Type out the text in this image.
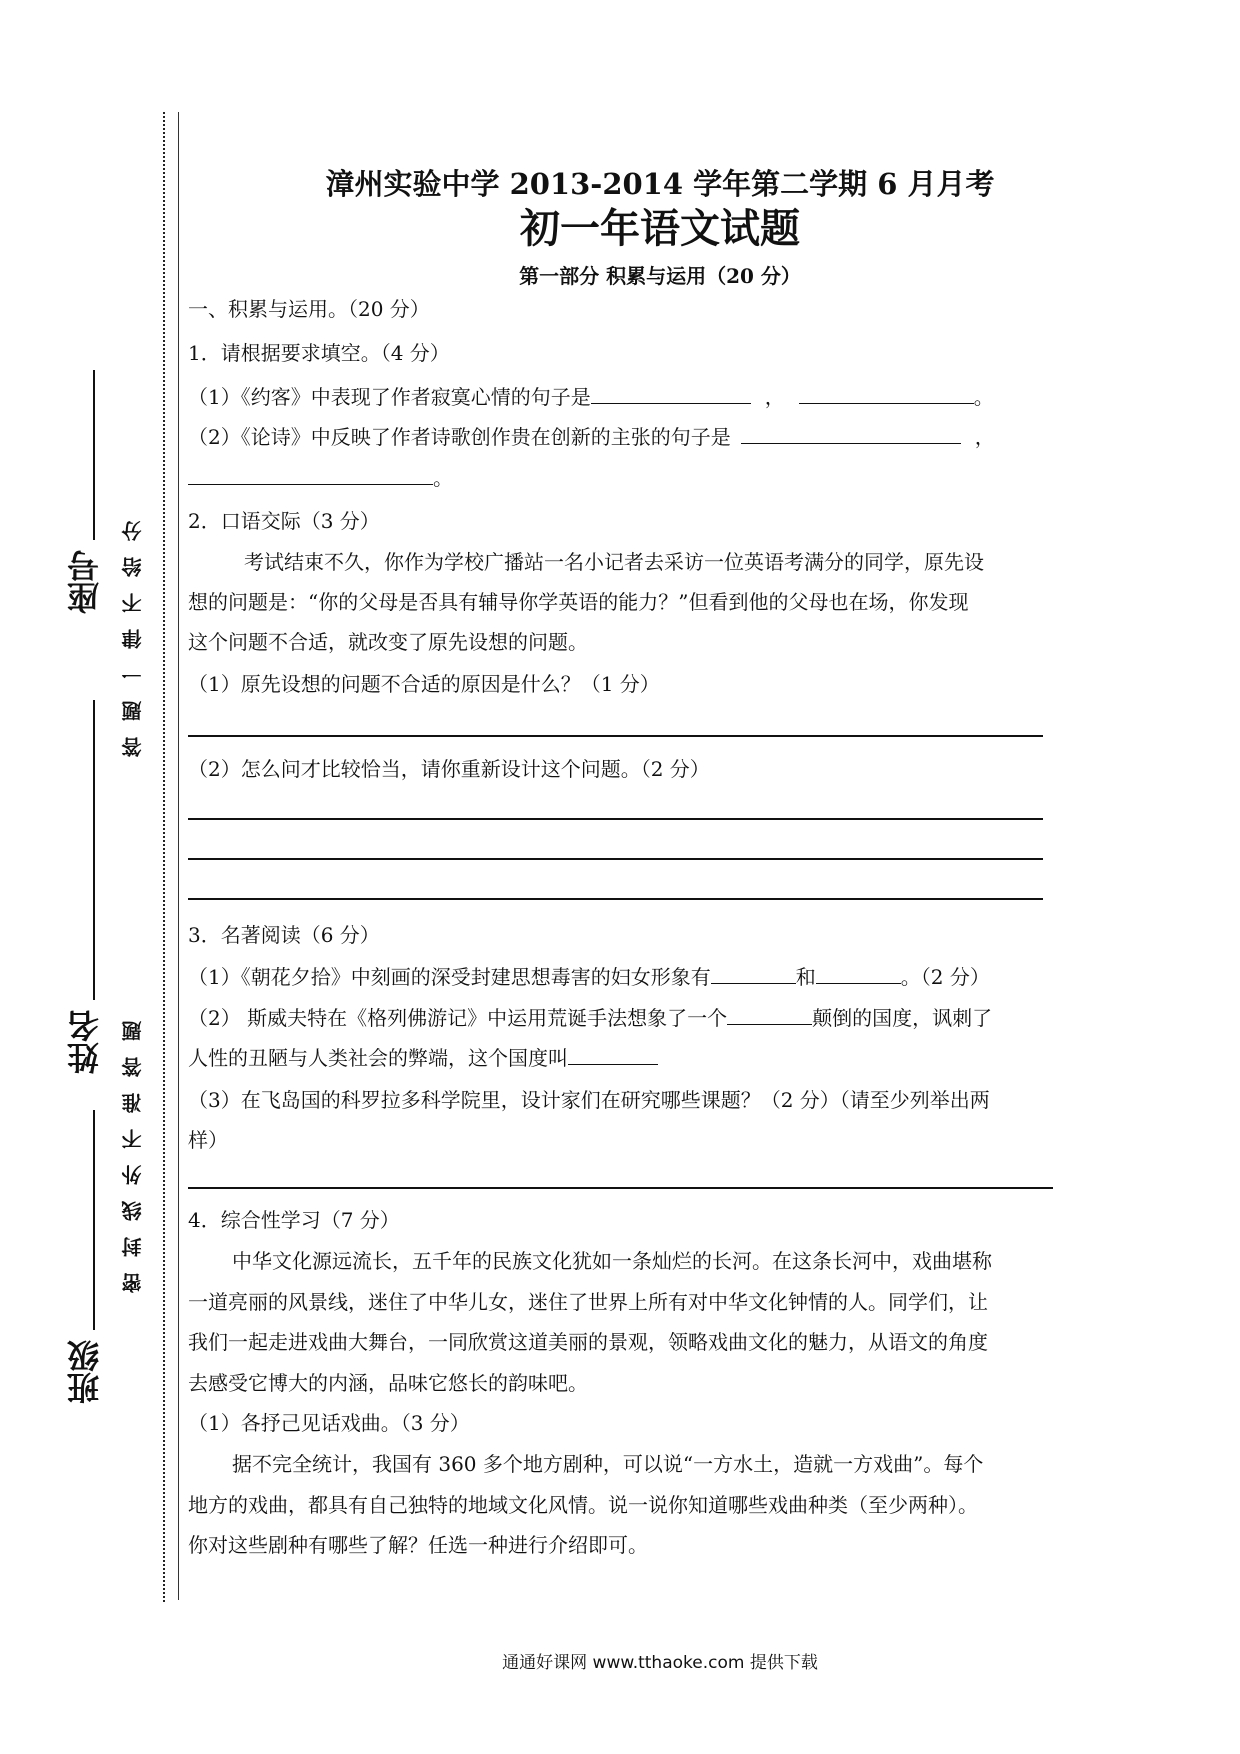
座号
姓名
班级
答题一律不给分
密封线外不准答题
漳州实验中学 2013-2014 学年第二学期 6 月月考
初一年语文试题
第一部分 积累与运用（20 分）
一、积累与运用。（20 分）
1．请根据要求填空。（4 分）
（1）《约客》中表现了作者寂寞心情的句子是	，	。
（2）《论诗》中反映了作者诗歌创作贵在创新的主张的句子是	，
。
2．口语交际（3 分）
考试结束不久，你作为学校广播站一名小记者去采访一位英语考满分的同学，原先设
想的问题是：“你的父母是否具有辅导你学英语的能力？”但看到他的父母也在场，你发现
这个问题不合适，就改变了原先设想的问题。
（1）原先设想的问题不合适的原因是什么？（1 分）
（2）怎么问才比较恰当，请你重新设计这个问题。（2 分）
3．名著阅读（6 分）
（1）《朝花夕拾》中刻画的深受封建思想毒害的妇女形象有	和	。（2 分）
（2） 斯威夫特在《格列佛游记》中运用荒诞手法想象了一个	颠倒的国度，讽刺了
人性的丑陋与人类社会的弊端，这个国度叫
（3）在飞岛国的科罗拉多科学院里，设计家们在研究哪些课题？（2 分）（请至少列举出两
样）
4．综合性学习（7 分）
中华文化源远流长，五千年的民族文化犹如一条灿烂的长河。在这条长河中，戏曲堪称
一道亮丽的风景线，迷住了中华儿女，迷住了世界上所有对中华文化钟情的人。同学们，让
我们一起走进戏曲大舞台，一同欣赏这道美丽的景观，领略戏曲文化的魅力，从语文的角度
去感受它博大的内涵，品味它悠长的韵味吧。
（1）各抒己见话戏曲。（3 分）
据不完全统计，我国有 360 多个地方剧种，可以说“一方水土，造就一方戏曲”。每个
地方的戏曲，都具有自己独特的地域文化风情。说一说你知道哪些戏曲种类（至少两种）。
你对这些剧种有哪些了解？任选一种进行介绍即可。
通通好课网 www.tthaoke.com 提供下载
